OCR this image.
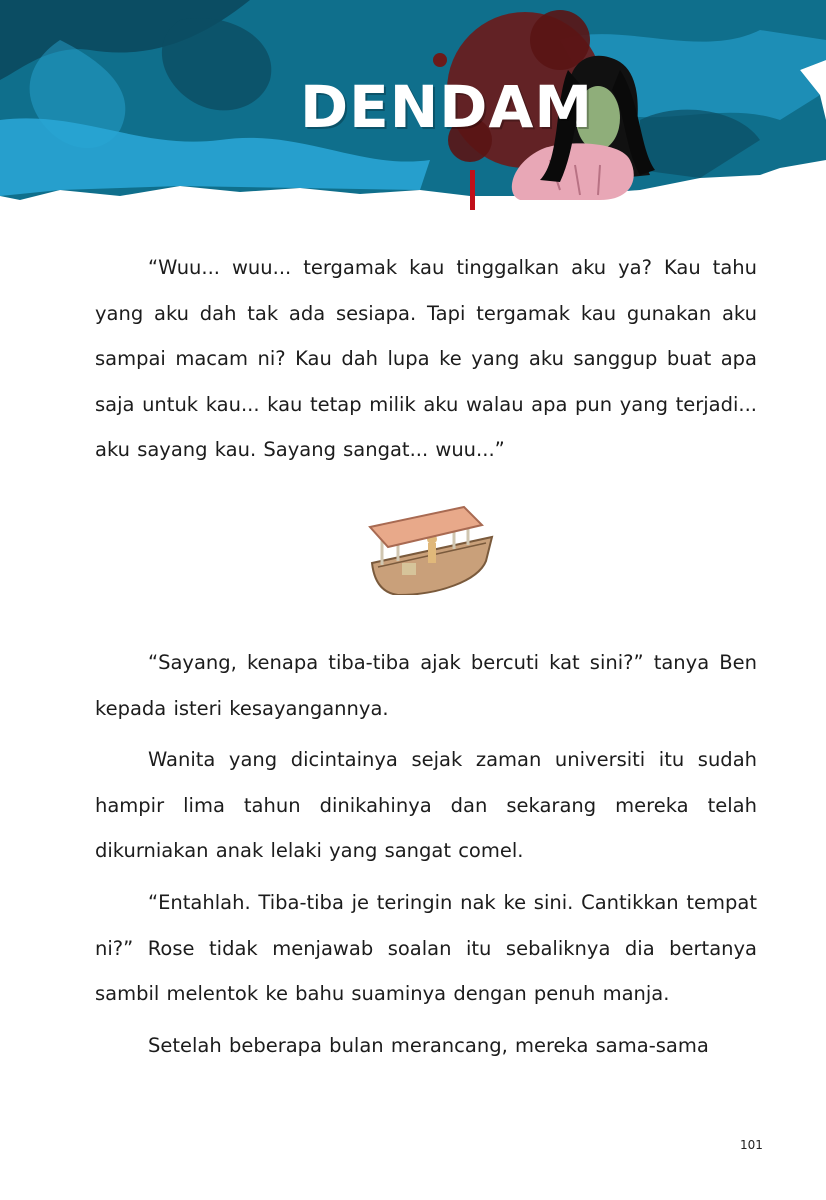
DENDAM

“Wuu... wuu... tergamak kau tinggalkan aku ya? Kau tahu yang aku dah tak ada sesiapa. Tapi tergamak kau gunakan aku sampai macam ni? Kau dah lupa ke yang aku sanggup buat apa saja untuk kau... kau tetap milik aku walau apa pun yang terjadi... aku sayang kau. Sayang sangat... wuu...”

“Sayang, kenapa tiba-tiba ajak bercuti kat sini?” tanya Ben kepada isteri kesayangannya.

Wanita yang dicintainya sejak zaman universiti itu sudah hampir lima tahun dinikahinya dan sekarang mereka telah dikurniakan anak lelaki yang sangat comel.

“Entahlah. Tiba-tiba je teringin nak ke sini. Cantikkan tempat ni?” Rose tidak menjawab soalan itu sebaliknya dia bertanya sambil melentok ke bahu suaminya dengan penuh manja.

Setelah beberapa bulan merancang, mereka sama-sama

101
